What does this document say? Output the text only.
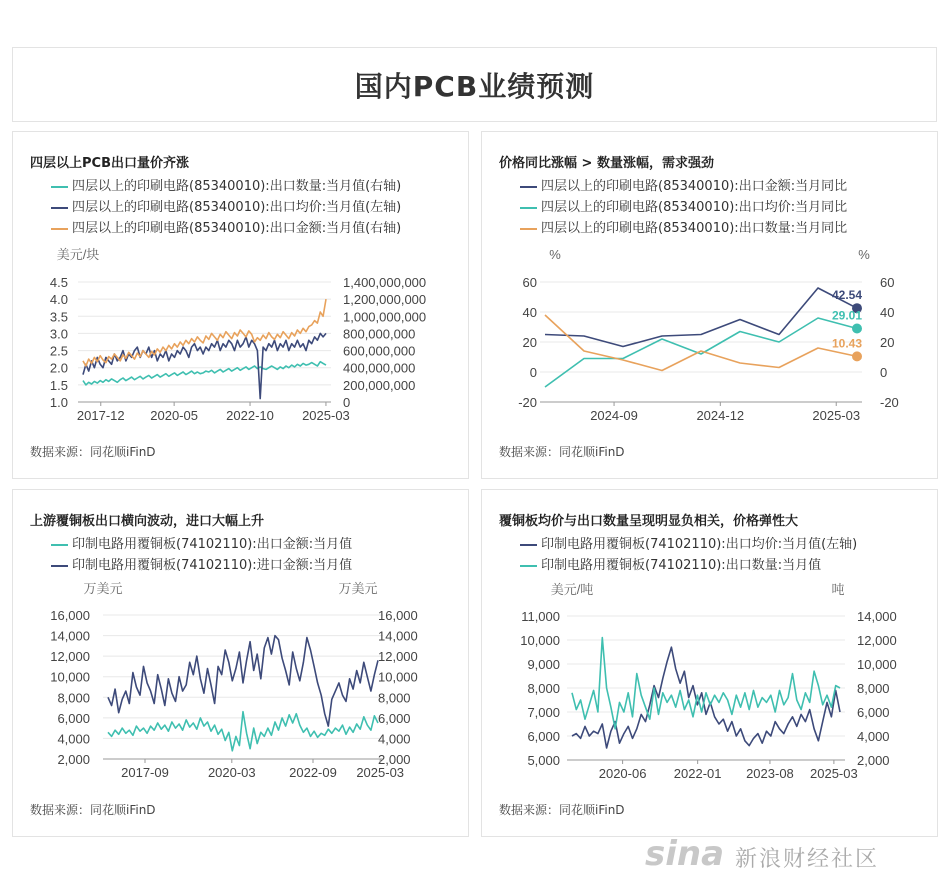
国内PCB业绩预测
四层以上PCB出口量价齐涨
四层以上的印刷电路(85340010):出口数量:当月值(右轴)
四层以上的印刷电路(85340010):出口均价:当月值(左轴)
四层以上的印刷电路(85340010):出口金额:当月值(右轴)
美元/块
1.0
1.5
2.0
2.5
3.0
3.5
4.0
4.5
0
200,000,000
400,000,000
600,000,000
800,000,000
1,000,000,000
1,200,000,000
1,400,000,000
2017-12 2020-05 2022-10 2025-03
数据来源：同花顺iFinD
价格同比涨幅 > 数量涨幅，需求强劲
四层以上的印刷电路(85340010):出口金额:当月同比
四层以上的印刷电路(85340010):出口均价:当月同比
四层以上的印刷电路(85340010):出口数量:当月同比
%	%
-20
0
20
40
60
-20
0
20
40
60
2024-09	2024-12	2025-03
42.54
29.01
10.43
数据来源：同花顺iFinD
上游覆铜板出口横向波动，进口大幅上升
印制电路用覆铜板(74102110):出口金额:当月值
印制电路用覆铜板(74102110):进口金额:当月值
万美元	万美元
2,000
4,000
6,000
8,000
10,000
12,000
14,000
16,000
2,000
4,000
6,000
8,000
10,000
12,000
14,000
16,000
2017-09	2020-03	2022-09 2025-03
数据来源：同花顺iFinD
覆铜板均价与出口数量呈现明显负相关，价格弹性大
印制电路用覆铜板(74102110):出口均价:当月值(左轴)
印制电路用覆铜板(74102110):出口数量:当月值
美元/吨	吨
5,000
6,000
7,000
8,000
9,000
10,000
11,000
2,000
4,000
6,000
8,000
10,000
12,000
14,000
2020-06 2022-01 2023-08 2025-03
数据来源：同花顺iFinD
sina 新浪财经社区
